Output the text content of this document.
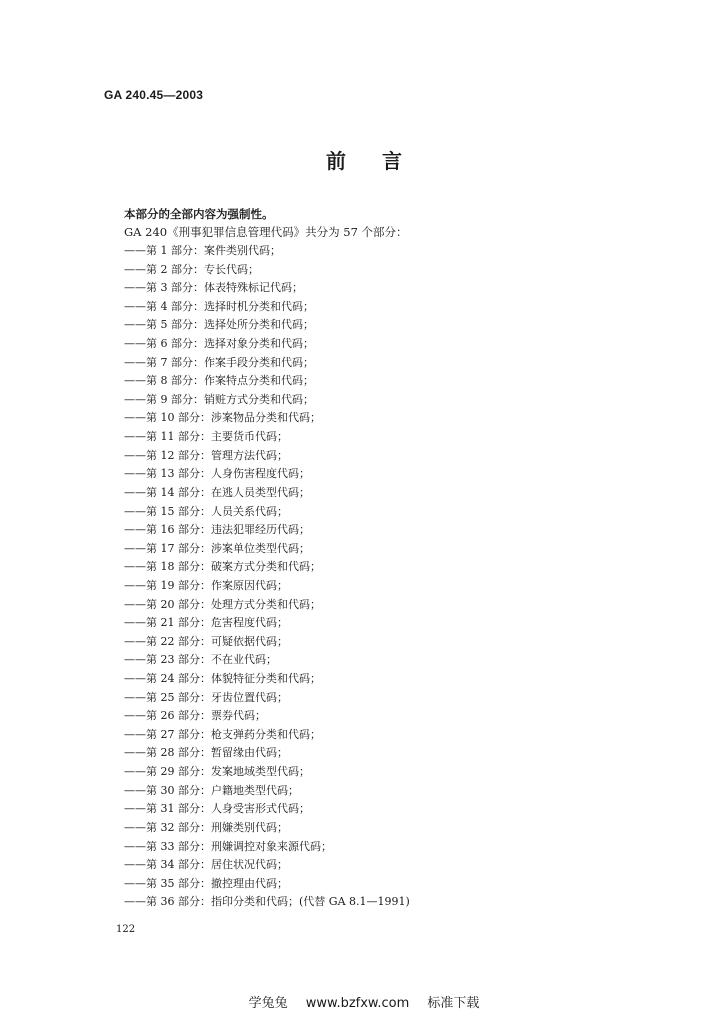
GA 240.45—2003
前 言
本部分的全部内容为强制性。
GA 240《刑事犯罪信息管理代码》共分为 57 个部分：
——第 1 部分：案件类别代码；
——第 2 部分：专长代码；
——第 3 部分：体表特殊标记代码；
——第 4 部分：选择时机分类和代码；
——第 5 部分：选择处所分类和代码；
——第 6 部分：选择对象分类和代码；
——第 7 部分：作案手段分类和代码；
——第 8 部分：作案特点分类和代码；
——第 9 部分：销赃方式分类和代码；
——第 10 部分：涉案物品分类和代码；
——第 11 部分：主要货币代码；
——第 12 部分：管理方法代码；
——第 13 部分：人身伤害程度代码；
——第 14 部分：在逃人员类型代码；
——第 15 部分：人员关系代码；
——第 16 部分：违法犯罪经历代码；
——第 17 部分：涉案单位类型代码；
——第 18 部分：破案方式分类和代码；
——第 19 部分：作案原因代码；
——第 20 部分：处理方式分类和代码；
——第 21 部分：危害程度代码；
——第 22 部分：可疑依据代码；
——第 23 部分：不在业代码；
——第 24 部分：体貌特征分类和代码；
——第 25 部分：牙齿位置代码；
——第 26 部分：票券代码；
——第 27 部分：枪支弹药分类和代码；
——第 28 部分：暂留缘由代码；
——第 29 部分：发案地域类型代码；
——第 30 部分：户籍地类型代码；
——第 31 部分：人身受害形式代码；
——第 32 部分：刑嫌类别代码；
——第 33 部分：刑嫌调控对象来源代码；
——第 34 部分：居住状况代码；
——第 35 部分：撤控理由代码；
——第 36 部分：指印分类和代码；(代替 GA 8.1—1991)
122
学兔兔 www.bzfxw.com 标准下载
